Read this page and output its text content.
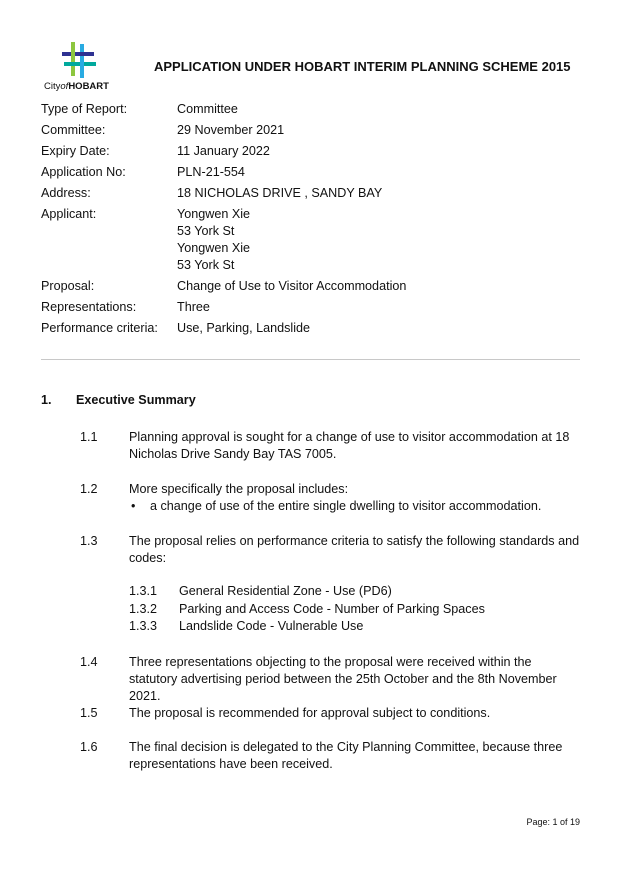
CityofHOBART
APPLICATION UNDER HOBART INTERIM PLANNING SCHEME 2015
Type of Report:	Committee
Committee:	29 November 2021
Expiry Date:	11 January 2022
Application No:	PLN-21-554
Address:	18 NICHOLAS DRIVE , SANDY BAY
Applicant:	Yongwen Xie
53 York St
Yongwen Xie
53 York St
Proposal:	Change of Use to Visitor Accommodation
Representations:	Three
Performance criteria:	Use, Parking, Landslide
1.	Executive Summary
1.1	Planning approval is sought for a change of use to visitor accommodation at 18 Nicholas Drive Sandy Bay TAS 7005.
1.2	More specifically the proposal includes:
•	a change of use of the entire single dwelling to visitor accommodation.
1.3	The proposal relies on performance criteria to satisfy the following standards and codes:
1.3.1	General Residential Zone - Use (PD6)
1.3.2	Parking and Access Code - Number of Parking Spaces
1.3.3	Landslide Code - Vulnerable Use
1.4	Three representations objecting to the proposal were received within the statutory advertising period between the 25th October and the 8th November 2021.
1.5	The proposal is recommended for approval subject to conditions.
1.6	The final decision is delegated to the City Planning Committee, because three representations have been received.
Page: 1 of 19
